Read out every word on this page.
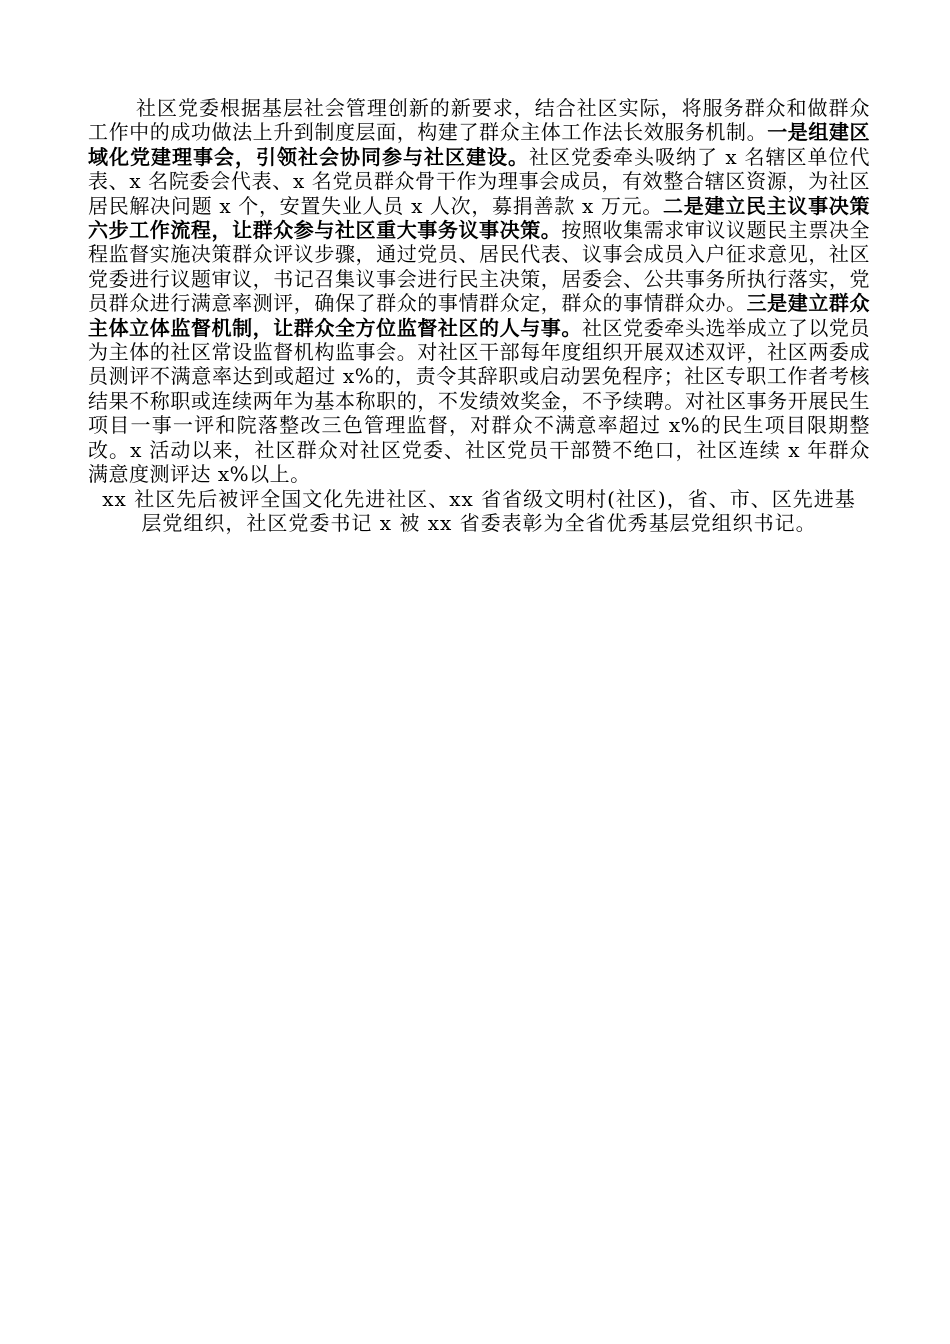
社区党委根据基层社会管理创新的新要求，结合社区实际，将服务群众和做群众工作中的成功做法上升到制度层面，构建了群众主体工作法长效服务机制。一是组建区域化党建理事会，引领社会协同参与社区建设。社区党委牵头吸纳了 x 名辖区单位代表、x 名院委会代表、x 名党员群众骨干作为理事会成员，有效整合辖区资源，为社区居民解决问题 x 个，安置失业人员 x 人次，募捐善款 x 万元。二是建立民主议事决策六步工作流程，让群众参与社区重大事务议事决策。按照收集需求审议议题民主票决全程监督实施决策群众评议步骤，通过党员、居民代表、议事会成员入户征求意见，社区党委进行议题审议，书记召集议事会进行民主决策，居委会、公共事务所执行落实，党员群众进行满意率测评，确保了群众的事情群众定，群众的事情群众办。三是建立群众主体立体监督机制，让群众全方位监督社区的人与事。社区党委牵头选举成立了以党员为主体的社区常设监督机构监事会。对社区干部每年度组织开展双述双评，社区两委成员测评不满意率达到或超过 x%的，责令其辞职或启动罢免程序；社区专职工作者考核结果不称职或连续两年为基本称职的，不发绩效奖金，不予续聘。对社区事务开展民生项目一事一评和院落整改三色管理监督，对群众不满意率超过 x%的民生项目限期整改。x 活动以来，社区群众对社区党委、社区党员干部赞不绝口，社区连续 x 年群众满意度测评达 x%以上。

xx 社区先后被评全国文化先进社区、xx 省省级文明村(社区)，省、市、区先进基层党组织，社区党委书记 x 被 xx 省委表彰为全省优秀基层党组织书记。
